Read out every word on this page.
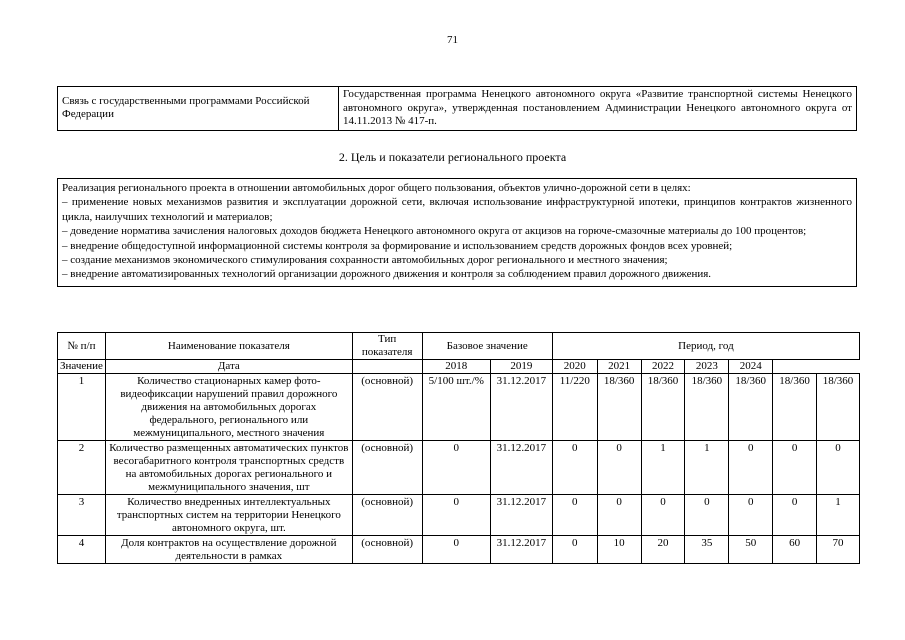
71
Связь с государственными программами Российской Федерации	Государственная программа Ненецкого автономного округа «Развитие транспортной системы Ненецкого автономного округа», утвержденная постановлением Администрации Ненецкого автономного округа от 14.11.2013 № 417-п.
2. Цель и показатели регионального проекта

Реализация регионального проекта в отношении автомобильных дорог общего пользования, объектов улично-дорожной сети в целях:

– применение новых механизмов развития и эксплуатации дорожной сети, включая использование инфраструктурной ипотеки, принципов контрактов жизненного цикла, наилучших технологий и материалов;

– доведение норматива зачисления налоговых доходов бюджета Ненецкого автономного округа от акцизов на горюче-смазочные материалы до 100 процентов;

– внедрение общедоступной информационной системы контроля за формирование и использованием средств дорожных фондов всех уровней;

– создание механизмов экономического стимулирования сохранности автомобильных дорог регионального и местного значения;

– внедрение автоматизированных технологий организации дорожного движения и контроля за соблюдением правил дорожного движения.

№ п/п	Наименование показателя	Тип показателя	Базовое значение		Период, год						
			2018	2019	2020	2021	2022	2023	2024		
Значение	Дата										
1	Количество стационарных камер фото-видеофиксации нарушений правил дорожного движения на автомобильных дорогах федерального, регионального или межмуниципального, местного значения	(основной)	5/100 шт./%	31.12.2017	11/220	18/360	18/360	18/360	18/360	18/360	18/360
2	Количество размещенных автоматических пунктов весогабаритного контроля транспортных средств на автомобильных дорогах регионального и межмуниципального значения, шт	(основной)	0	31.12.2017	0	0	1	1	0	0	0
3	Количество внедренных интеллектуальных транспортных систем на территории Ненецкого автономного округа, шт.	(основной)	0	31.12.2017	0	0	0	0	0	0	1
4	Доля контрактов на осуществление дорожной деятельности в рамках	(основной)	0	31.12.2017	0	10	20	35	50	60	70
